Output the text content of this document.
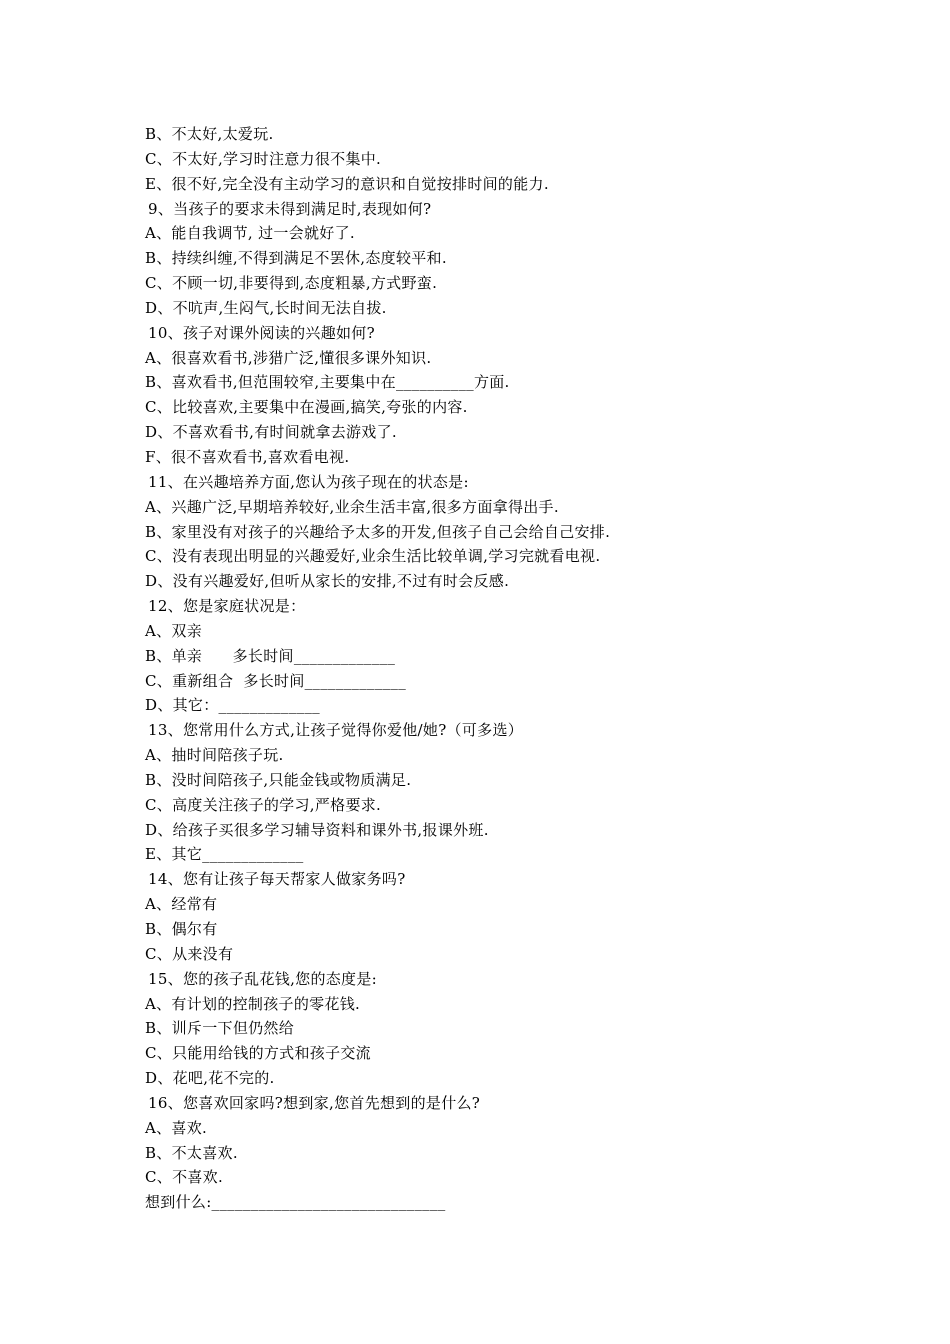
B、不太好,太爱玩.
C、不太好,学习时注意力很不集中.
E、很不好,完全没有主动学习的意识和自觉按排时间的能力.
9、当孩子的要求未得到满足时,表现如何?
A、能自我调节, 过一会就好了.
B、持续纠缠,不得到满足不罢休,态度较平和.
C、不顾一切,非要得到,态度粗暴,方式野蛮.
D、不吭声,生闷气,长时间无法自拔.
10、孩子对课外阅读的兴趣如何?
A、很喜欢看书,涉猎广泛,懂很多课外知识.
B、喜欢看书,但范围较窄,主要集中在__________方面.
C、比较喜欢,主要集中在漫画,搞笑,夸张的内容.
D、不喜欢看书,有时间就拿去游戏了.
F、很不喜欢看书,喜欢看电视.
11、在兴趣培养方面,您认为孩子现在的状态是:
A、兴趣广泛,早期培养较好,业余生活丰富,很多方面拿得出手.
B、家里没有对孩子的兴趣给予太多的开发,但孩子自己会给自己安排.
C、没有表现出明显的兴趣爱好,业余生活比较单调,学习完就看电视.
D、没有兴趣爱好,但听从家长的安排,不过有时会反感.
12、您是家庭状况是：
A、双亲
B、单亲      多长时间_____________
C、重新组合  多长时间_____________
D、其它：_____________
13、您常用什么方式,让孩子觉得你爱他/她?（可多选）
A、抽时间陪孩子玩.
B、没时间陪孩子,只能金钱或物质满足.
C、高度关注孩子的学习,严格要求.
D、给孩子买很多学习辅导资料和课外书,报课外班.
E、其它_____________
14、您有让孩子每天帮家人做家务吗?
A、经常有
B、偶尔有
C、从来没有
15、您的孩子乱花钱,您的态度是:
A、有计划的控制孩子的零花钱.
B、训斥一下但仍然给
C、只能用给钱的方式和孩子交流
D、花吧,花不完的.
16、您喜欢回家吗?想到家,您首先想到的是什么?
A、喜欢.
B、不太喜欢.
C、不喜欢.
想到什么:______________________________
